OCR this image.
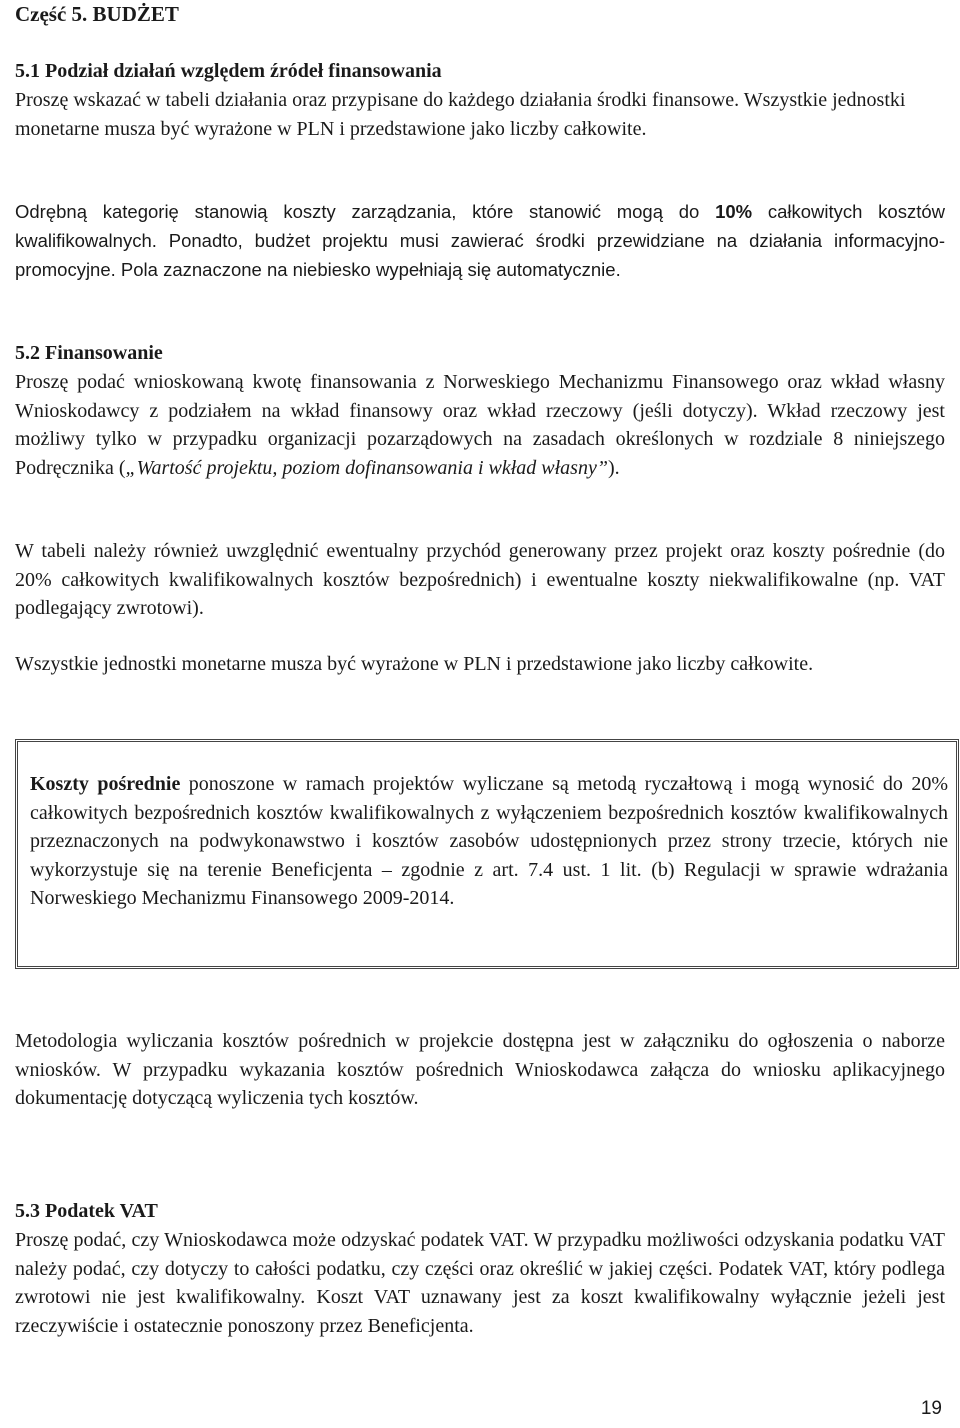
Część 5. BUDŻET
5.1 Podział działań względem źródeł finansowania

Proszę wskazać w tabeli działania oraz przypisane do każdego działania środki finansowe. Wszystkie jednostki monetarne musza być wyrażone w PLN i przedstawione jako liczby całkowite.

Odrębną kategorię stanowią koszty zarządzania, które stanowić mogą do 10% całkowitych kosztów kwalifikowalnych. Ponadto, budżet projektu musi zawierać środki przewidziane na działania informacyjno-promocyjne. Pola zaznaczone na niebiesko wypełniają się automatycznie.

5.2 Finansowanie

Proszę podać wnioskowaną kwotę finansowania z Norweskiego Mechanizmu Finansowego oraz wkład własny Wnioskodawcy z podziałem na wkład finansowy oraz wkład rzeczowy (jeśli dotyczy). Wkład rzeczowy jest możliwy tylko w przypadku organizacji pozarządowych na zasadach określonych w rozdziale 8 niniejszego Podręcznika („Wartość projektu, poziom dofinansowania i wkład własny”).

W tabeli należy również uwzględnić ewentualny przychód generowany przez projekt oraz koszty pośrednie (do 20% całkowitych kwalifikowalnych kosztów bezpośrednich) i ewentualne koszty niekwalifikowalne (np. VAT podlegający zwrotowi).

Wszystkie jednostki monetarne musza być wyrażone w PLN i przedstawione jako liczby całkowite.

Koszty pośrednie ponoszone w ramach projektów wyliczane są metodą ryczałtową i mogą wynosić do 20% całkowitych bezpośrednich kosztów kwalifikowalnych z wyłączeniem bezpośrednich kosztów kwalifikowalnych przeznaczonych na podwykonawstwo i kosztów zasobów udostępnionych przez strony trzecie, których nie wykorzystuje się na terenie Beneficjenta – zgodnie z art. 7.4 ust. 1 lit. (b) Regulacji w sprawie wdrażania Norweskiego Mechanizmu Finansowego 2009-2014.

Metodologia wyliczania kosztów pośrednich w projekcie dostępna jest w załączniku do ogłoszenia o naborze wniosków. W przypadku wykazania kosztów pośrednich Wnioskodawca załącza do wniosku aplikacyjnego dokumentację dotyczącą wyliczenia tych kosztów.

5.3 Podatek VAT

Proszę podać, czy Wnioskodawca może odzyskać podatek VAT. W przypadku możliwości odzyskania podatku VAT należy podać, czy dotyczy to całości podatku, czy części oraz określić w jakiej części. Podatek VAT, który podlega zwrotowi nie jest kwalifikowalny. Koszt VAT uznawany jest za koszt kwalifikowalny wyłącznie jeżeli jest rzeczywiście i ostatecznie ponoszony przez Beneficjenta.

19
